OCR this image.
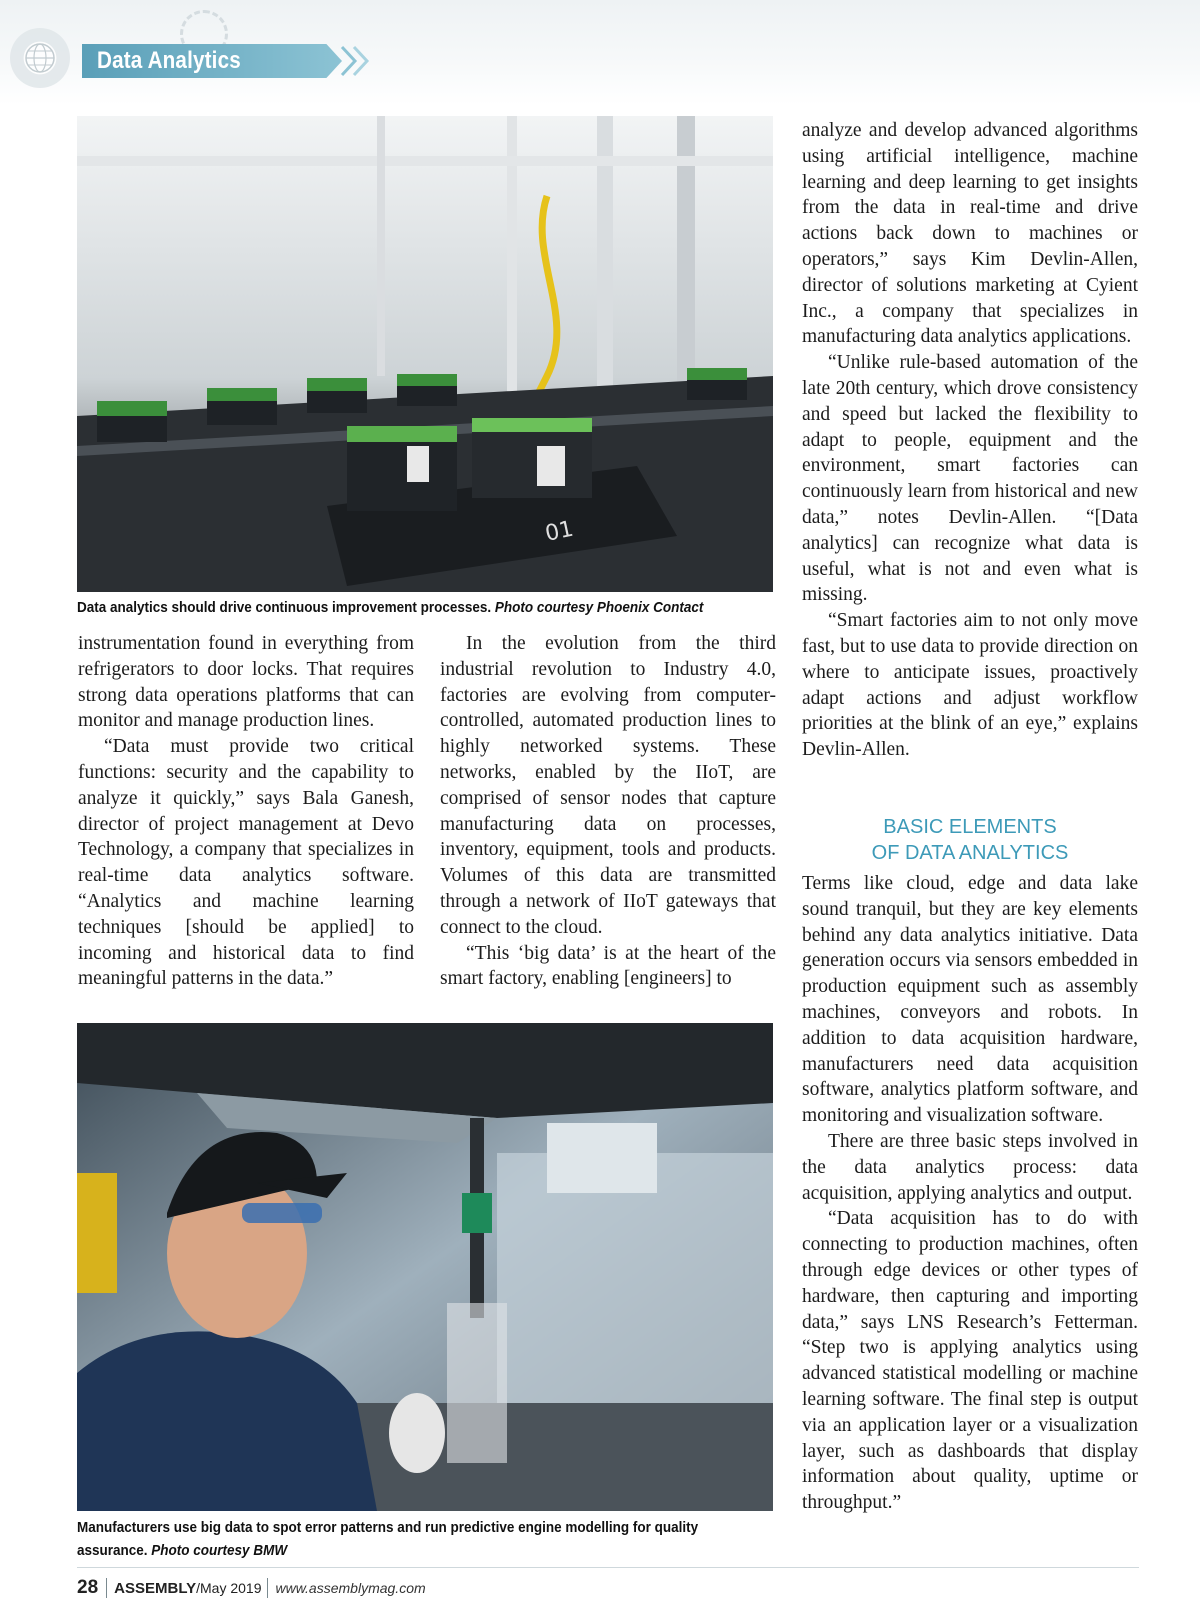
Data Analytics
01
Data analytics should drive continuous improvement processes. Photo courtesy Phoenix Contact

instrumentation found in everything from refrigerators to door locks. That requires strong data operations platforms that can monitor and manage production lines.

“Data must provide two critical functions: security and the capability to analyze it quickly,” says Bala Ganesh, director of project management at Devo Technology, a company that specializes in real-time data analytics software. “Analytics and machine learning techniques [should be applied] to incoming and historical data to find meaningful patterns in the data.”

In the evolution from the third industrial revolution to Industry 4.0, factories are evolving from computer-controlled, automated production lines to highly networked systems. These networks, enabled by the IIoT, are comprised of sensor nodes that capture manufacturing data on processes, inventory, equipment, tools and products. Volumes of this data are transmitted through a network of IIoT gateways that connect to the cloud.

“This ‘big data’ is at the heart of the smart factory, enabling [engineers] to

analyze and develop advanced algorithms using artificial intelligence, machine learning and deep learning to get insights from the data in real-time and drive actions back down to machines or operators,” says Kim Devlin-Allen, director of solutions marketing at Cyient Inc., a company that specializes in manufacturing data analytics applications.

“Unlike rule-based automation of the late 20th century, which drove consistency and speed but lacked the flexibility to adapt to people, equipment and the environment, smart factories can continuously learn from historical and new data,” notes Devlin-Allen. “[Data analytics] can recognize what data is useful, what is not and even what is missing.

“Smart factories aim to not only move fast, but to use data to provide direction on where to anticipate issues, proactively adapt actions and adjust workflow priorities at the blink of an eye,” explains Devlin-Allen.

BASIC ELEMENTS
OF DATA ANALYTICS

Terms like cloud, edge and data lake sound tranquil, but they are key elements behind any data analytics initiative. Data generation occurs via sensors embedded in production equipment such as assembly machines, conveyors and robots. In addition to data acquisition hardware, manufacturers need data acquisition software, analytics platform software, and monitoring and visualization software.

There are three basic steps involved in the data analytics process: data acquisition, applying analytics and output.

“Data acquisition has to do with connecting to production machines, often through edge devices or other types of hardware, then capturing and importing data,” says LNS Research’s Fetterman. “Step two is applying analytics using advanced statistical modelling or machine learning software. The final step is output via an application layer or a visualization layer, such as dashboards that display information about quality, uptime or throughput.”

Manufacturers use big data to spot error patterns and run predictive engine modelling for quality assurance. Photo courtesy BMW
28 ASSEMBLY /May 2019 www.assemblymag.com
